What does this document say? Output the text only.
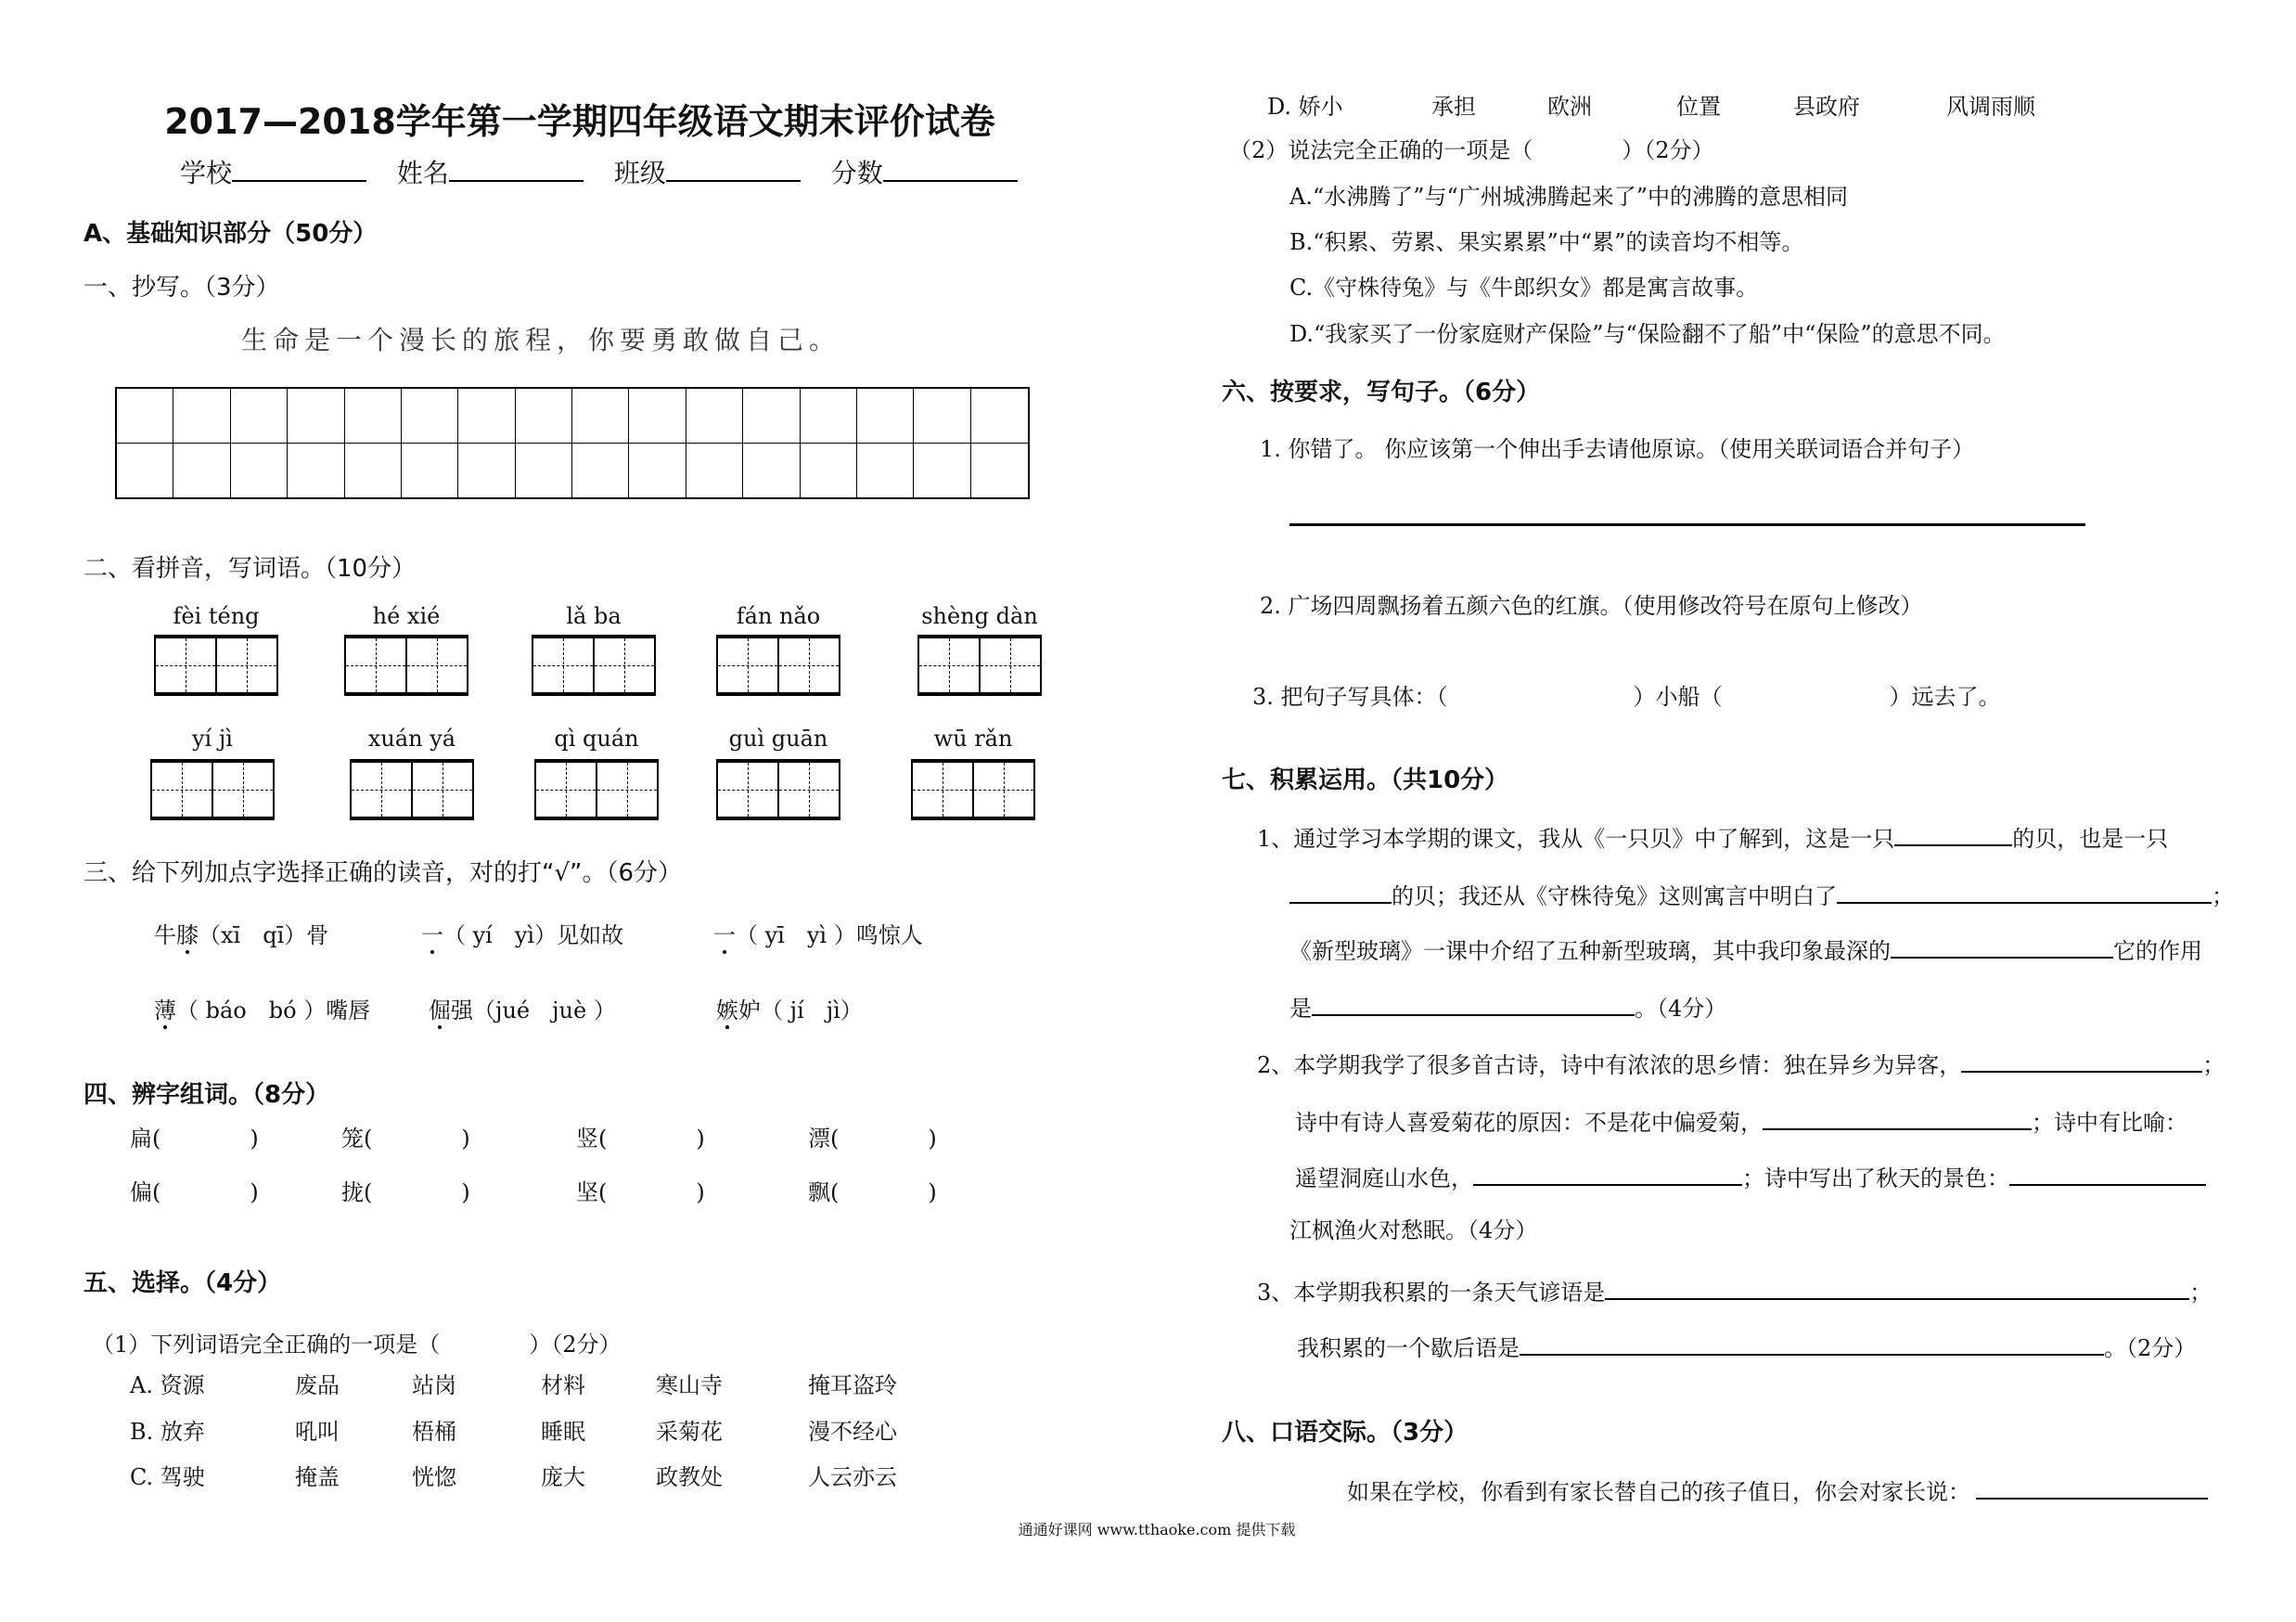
2017—2018学年第一学期四年级语文期末评价试卷
学校	姓名	班级	分数
A、基础知识部分（50分）
一、抄写。（3分）
生命是一个漫长的旅程，你要勇敢做自己。
二、看拼音，写词语。（10分）
fèi téng	hé xié	lǎ ba	fán nǎo	shèng dàn
yí jì	xuán yá	qì quán	guì guān	wū rǎn
三、给下列加点字选择正确的读音，对的打“√”。（6分）
牛膝（xī　qī）骨	一（ yí　yì）见如故	一（ yī　yì ）鸣惊人
薄（ báo　bó ）嘴唇	倔强（jué　juè ）	嫉妒（ jí　jì）
四、辨字组词。（8分）
扁(　　　　)	笼(　　　　)	竖(　　　　)	漂(　　　　)
偏(　　　　)	拢(　　　　)	坚(　　　　)	飘(　　　　)
五、选择。（4分）
（1）下列词语完全正确的一项是（　　　　）（2分）
A. 资源	废品	站岗	材料	寒山寺	掩耳盗玲
B. 放弃	吼叫	梧桶	睡眠	采菊花	漫不经心
C. 驾驶	掩盖	恍惚	庞大	政教处	人云亦云
D. 娇小	承担	欧洲	位置	县政府	风调雨顺
（2）说法完全正确的一项是（　　　　）（2分）
A.“水沸腾了”与“广州城沸腾起来了”中的沸腾的意思相同
B.“积累、劳累、果实累累”中“累”的读音均不相等。
C.《守株待兔》与《牛郎织女》都是寓言故事。
D.“我家买了一份家庭财产保险”与“保险翻不了船”中“保险”的意思不同。
六、按要求，写句子。（6分）
1. 你错了。 你应该第一个伸出手去请他原谅。（使用关联词语合并句子）
2. 广场四周飘扬着五颜六色的红旗。（使用修改符号在原句上修改）
3. 把句子写具体：（	）小船（	）远去了。
七、积累运用。（共10分）
1、通过学习本学期的课文，我从《一只贝》中了解到，这是一只	的贝，也是一只
的贝；我还从《守株待兔》这则寓言中明白了	；
《新型玻璃》一课中介绍了五种新型玻璃，其中我印象最深的	它的作用
是	。（4分）
2、本学期我学了很多首古诗，诗中有浓浓的思乡情：独在异乡为异客，	；
诗中有诗人喜爱菊花的原因：不是花中偏爱菊，	；诗中有比喻：
遥望洞庭山水色，	；诗中写出了秋天的景色：
江枫渔火对愁眠。（4分）
3、本学期我积累的一条天气谚语是	；
我积累的一个歇后语是	。（2分）
八、口语交际。（3分）
如果在学校，你看到有家长替自己的孩子值日，你会对家长说：
通通好课网 www.tthaoke.com 提供下载
